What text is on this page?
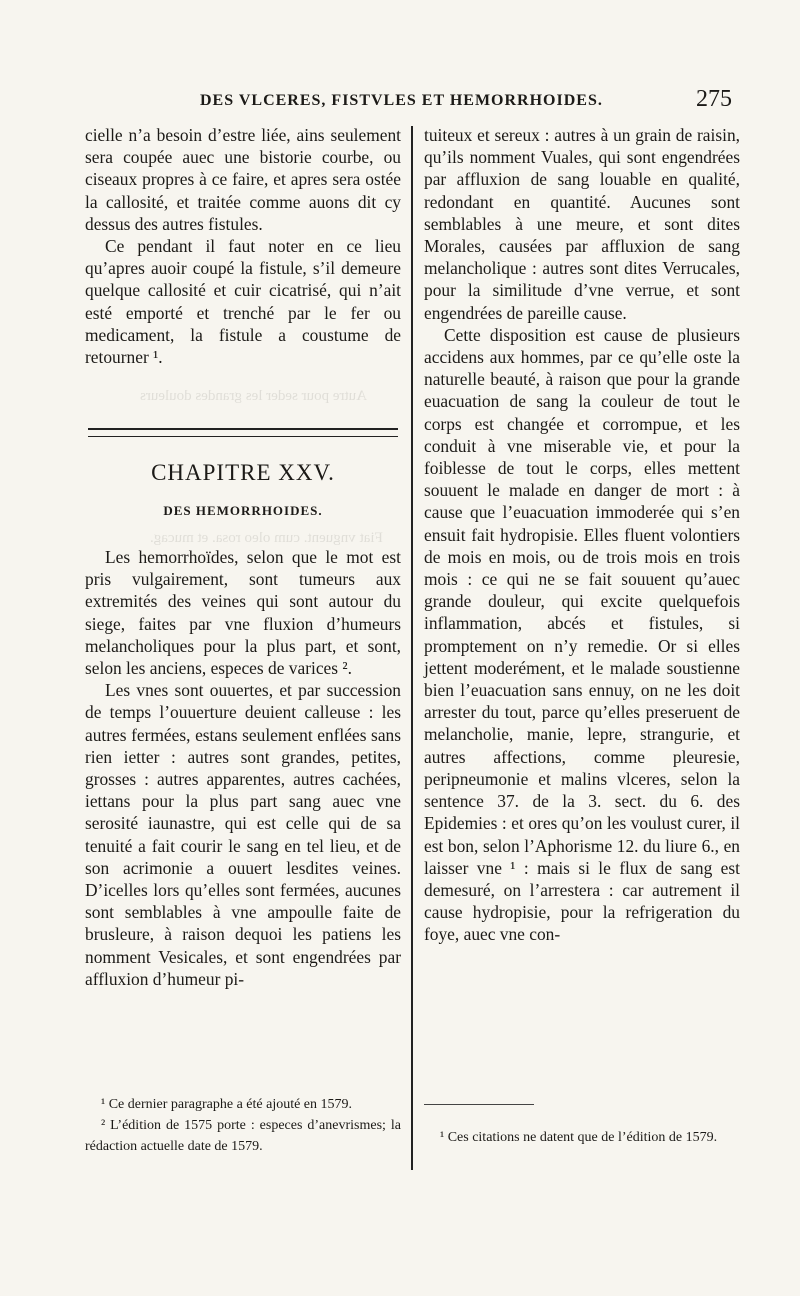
Autre pour seder les grandes douleurs
Fiat vnguent. cum oleo rosa. et mucag.
DES VLCERES, FISTVLES ET HEMORRHOIDES.	275

cielle n’a besoin d’estre liée, ains seulement sera coupée auec une bistorie courbe, ou ciseaux propres à ce faire, et apres sera ostée la callosité, et traitée comme auons dit cy dessus des autres fistules.

Ce pendant il faut noter en ce lieu qu’apres auoir coupé la fistule, s’il demeure quelque callosité et cuir cicatrisé, qui n’ait esté emporté et trenché par le fer ou medicament, la fistule a coustume de retourner ¹.

CHAPITRE XXV.
DES HEMORRHOIDES.

Les hemorrhoïdes, selon que le mot est pris vulgairement, sont tumeurs aux extremités des veines qui sont autour du siege, faites par vne fluxion d’humeurs melancholiques pour la plus part, et sont, selon les anciens, especes de varices ².

Les vnes sont ouuertes, et par succession de temps l’ouuerture deuient calleuse : les autres fermées, estans seulement enflées sans rien ietter : autres sont grandes, petites, grosses : autres apparentes, autres cachées, iettans pour la plus part sang auec vne serosité iaunastre, qui est celle qui de sa tenuité a fait courir le sang en tel lieu, et de son acrimonie a ouuert lesdites veines. D’icelles lors qu’elles sont fermées, aucunes sont semblables à vne ampoulle faite de brusleure, à raison dequoi les patiens les nomment Vesicales, et sont engendrées par affluxion d’humeur pi-

¹ Ce dernier paragraphe a été ajouté en 1579.

² L’édition de 1575 porte : especes d’anevrismes; la rédaction actuelle date de 1579.

tuiteux et sereux : autres à un grain de raisin, qu’ils nomment Vuales, qui sont engendrées par affluxion de sang louable en qualité, redondant en quantité. Aucunes sont semblables à une meure, et sont dites Morales, causées par affluxion de sang melancholique : autres sont dites Verrucales, pour la similitude d’vne verrue, et sont engendrées de pareille cause.

Cette disposition est cause de plusieurs accidens aux hommes, par ce qu’elle oste la naturelle beauté, à raison que pour la grande euacuation de sang la couleur de tout le corps est changée et corrompue, et les conduit à vne miserable vie, et pour la foiblesse de tout le corps, elles mettent souuent le malade en danger de mort : à cause que l’euacuation immoderée qui s’en ensuit fait hydropisie. Elles fluent volontiers de mois en mois, ou de trois mois en trois mois : ce qui ne se fait souuent qu’auec grande douleur, qui excite quelquefois inflammation, abcés et fistules, si promptement on n’y remedie. Or si elles jettent moderément, et le malade soustienne bien l’euacuation sans ennuy, on ne les doit arrester du tout, parce qu’elles preseruent de melancholie, manie, lepre, strangurie, et autres affections, comme pleuresie, peripneumonie et malins vlceres, selon la sentence 37. de la 3. sect. du 6. des Epidemies : et ores qu’on les voulust curer, il est bon, selon l’Aphorisme 12. du liure 6., en laisser vne ¹ : mais si le flux de sang est demesuré, on l’arrestera : car autrement il cause hydropisie, pour la refrigeration du foye, auec vne con-

¹ Ces citations ne datent que de l’édition de 1579.
